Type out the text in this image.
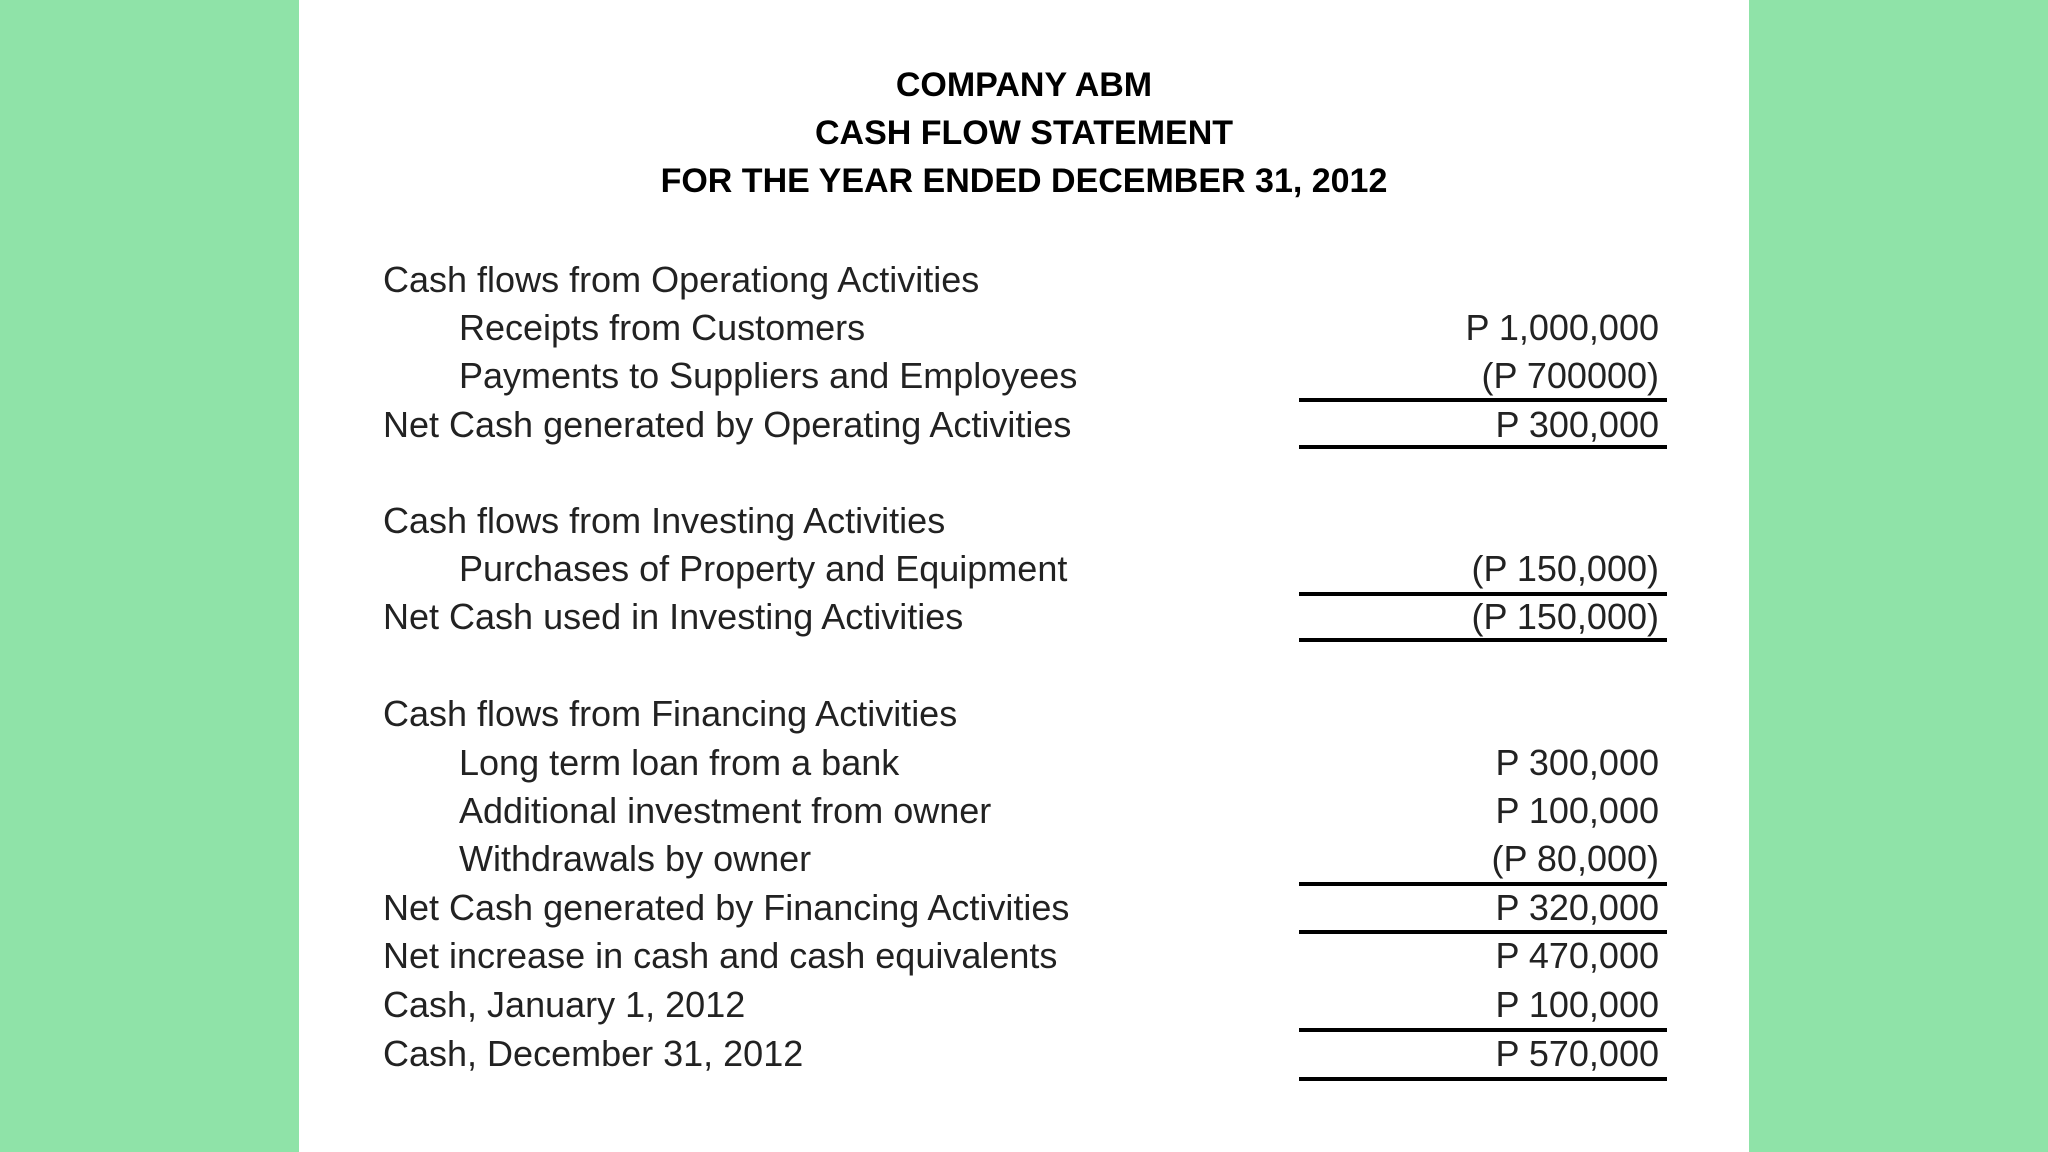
COMPANY ABM
CASH FLOW STATEMENT
FOR THE YEAR ENDED DECEMBER 31, 2012
Cash flows from Operationg Activities
Receipts from Customers	P 1,000,000
Payments to Suppliers and Employees	(P 700000)
Net Cash generated by Operating Activities	P 300,000
Cash flows from Investing Activities
Purchases of Property and Equipment	(P 150,000)
Net Cash used in Investing Activities	(P 150,000)
Cash flows from Financing Activities
Long term loan from a bank	P 300,000
Additional investment from owner	P 100,000
Withdrawals by owner	(P 80,000)
Net Cash generated by Financing Activities	P 320,000
Net increase in cash and cash equivalents	P 470,000
Cash, January 1, 2012	P 100,000
Cash, December 31, 2012	P 570,000
